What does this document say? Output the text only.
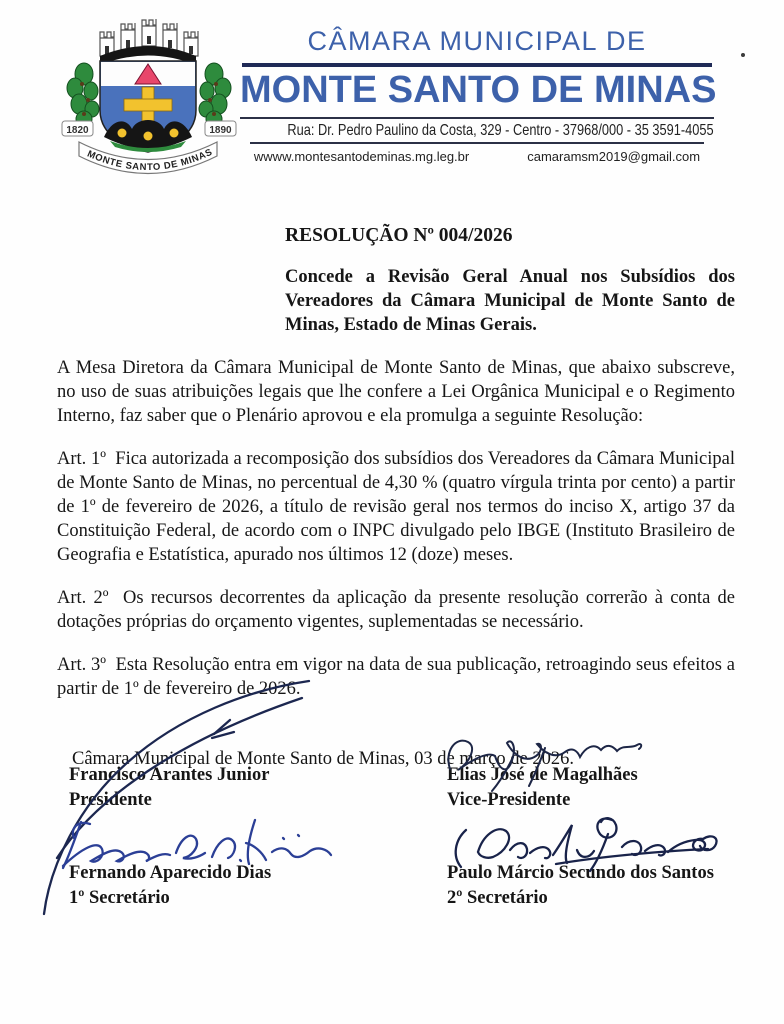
1820	1890
MONTE SANTO DE MINAS
CÂMARA MUNICIPAL DE
MONTE SANTO DE MINAS
Rua: Dr. Pedro Paulino da Costa, 329 - Centro - 37968/000 - 35 3591-4055
wwww.montesantodeminas.mg.leg.br	camaramsm2019@gmail.com
RESOLUÇÃO Nº 004/2026

Concede a Revisão Geral Anual nos Subsídios dos Vereadores da Câmara Municipal de Monte Santo de Minas, Estado de Minas Gerais.

A Mesa Diretora da Câmara Municipal de Monte Santo de Minas, que abaixo subscreve, no uso de suas atribuições legais que lhe confere a Lei Orgânica Municipal e o Regimento Interno, faz saber que o Plenário aprovou e ela promulga a seguinte Resolução:

Art. 1º  Fica autorizada a recomposição dos subsídios dos Vereadores da Câmara Municipal de Monte Santo de Minas, no percentual de 4,30 % (quatro vírgula trinta por cento) a partir de 1º de fevereiro de 2026, a título de revisão geral nos termos do inciso X, artigo 37 da Constituição Federal, de acordo com o INPC divulgado pelo IBGE (Instituto Brasileiro de Geografia e Estatística, apurado nos últimos 12 (doze) meses.

Art. 2º  Os recursos decorrentes da aplicação da presente resolução correrão à conta de dotações próprias do orçamento vigentes, suplementadas se necessário.

Art. 3º  Esta Resolução entra em vigor na data de sua publicação, retroagindo seus efeitos a partir de 1º de fevereiro de 2026.

Câmara Municipal de Monte Santo de Minas, 03 de março de 2026.

Francisco Arantes Junior
Presidente
Elias José de Magalhães
Vice-Presidente
Fernando Aparecido Dias
1º Secretário
Paulo Márcio Secundo dos Santos
2º Secretário
